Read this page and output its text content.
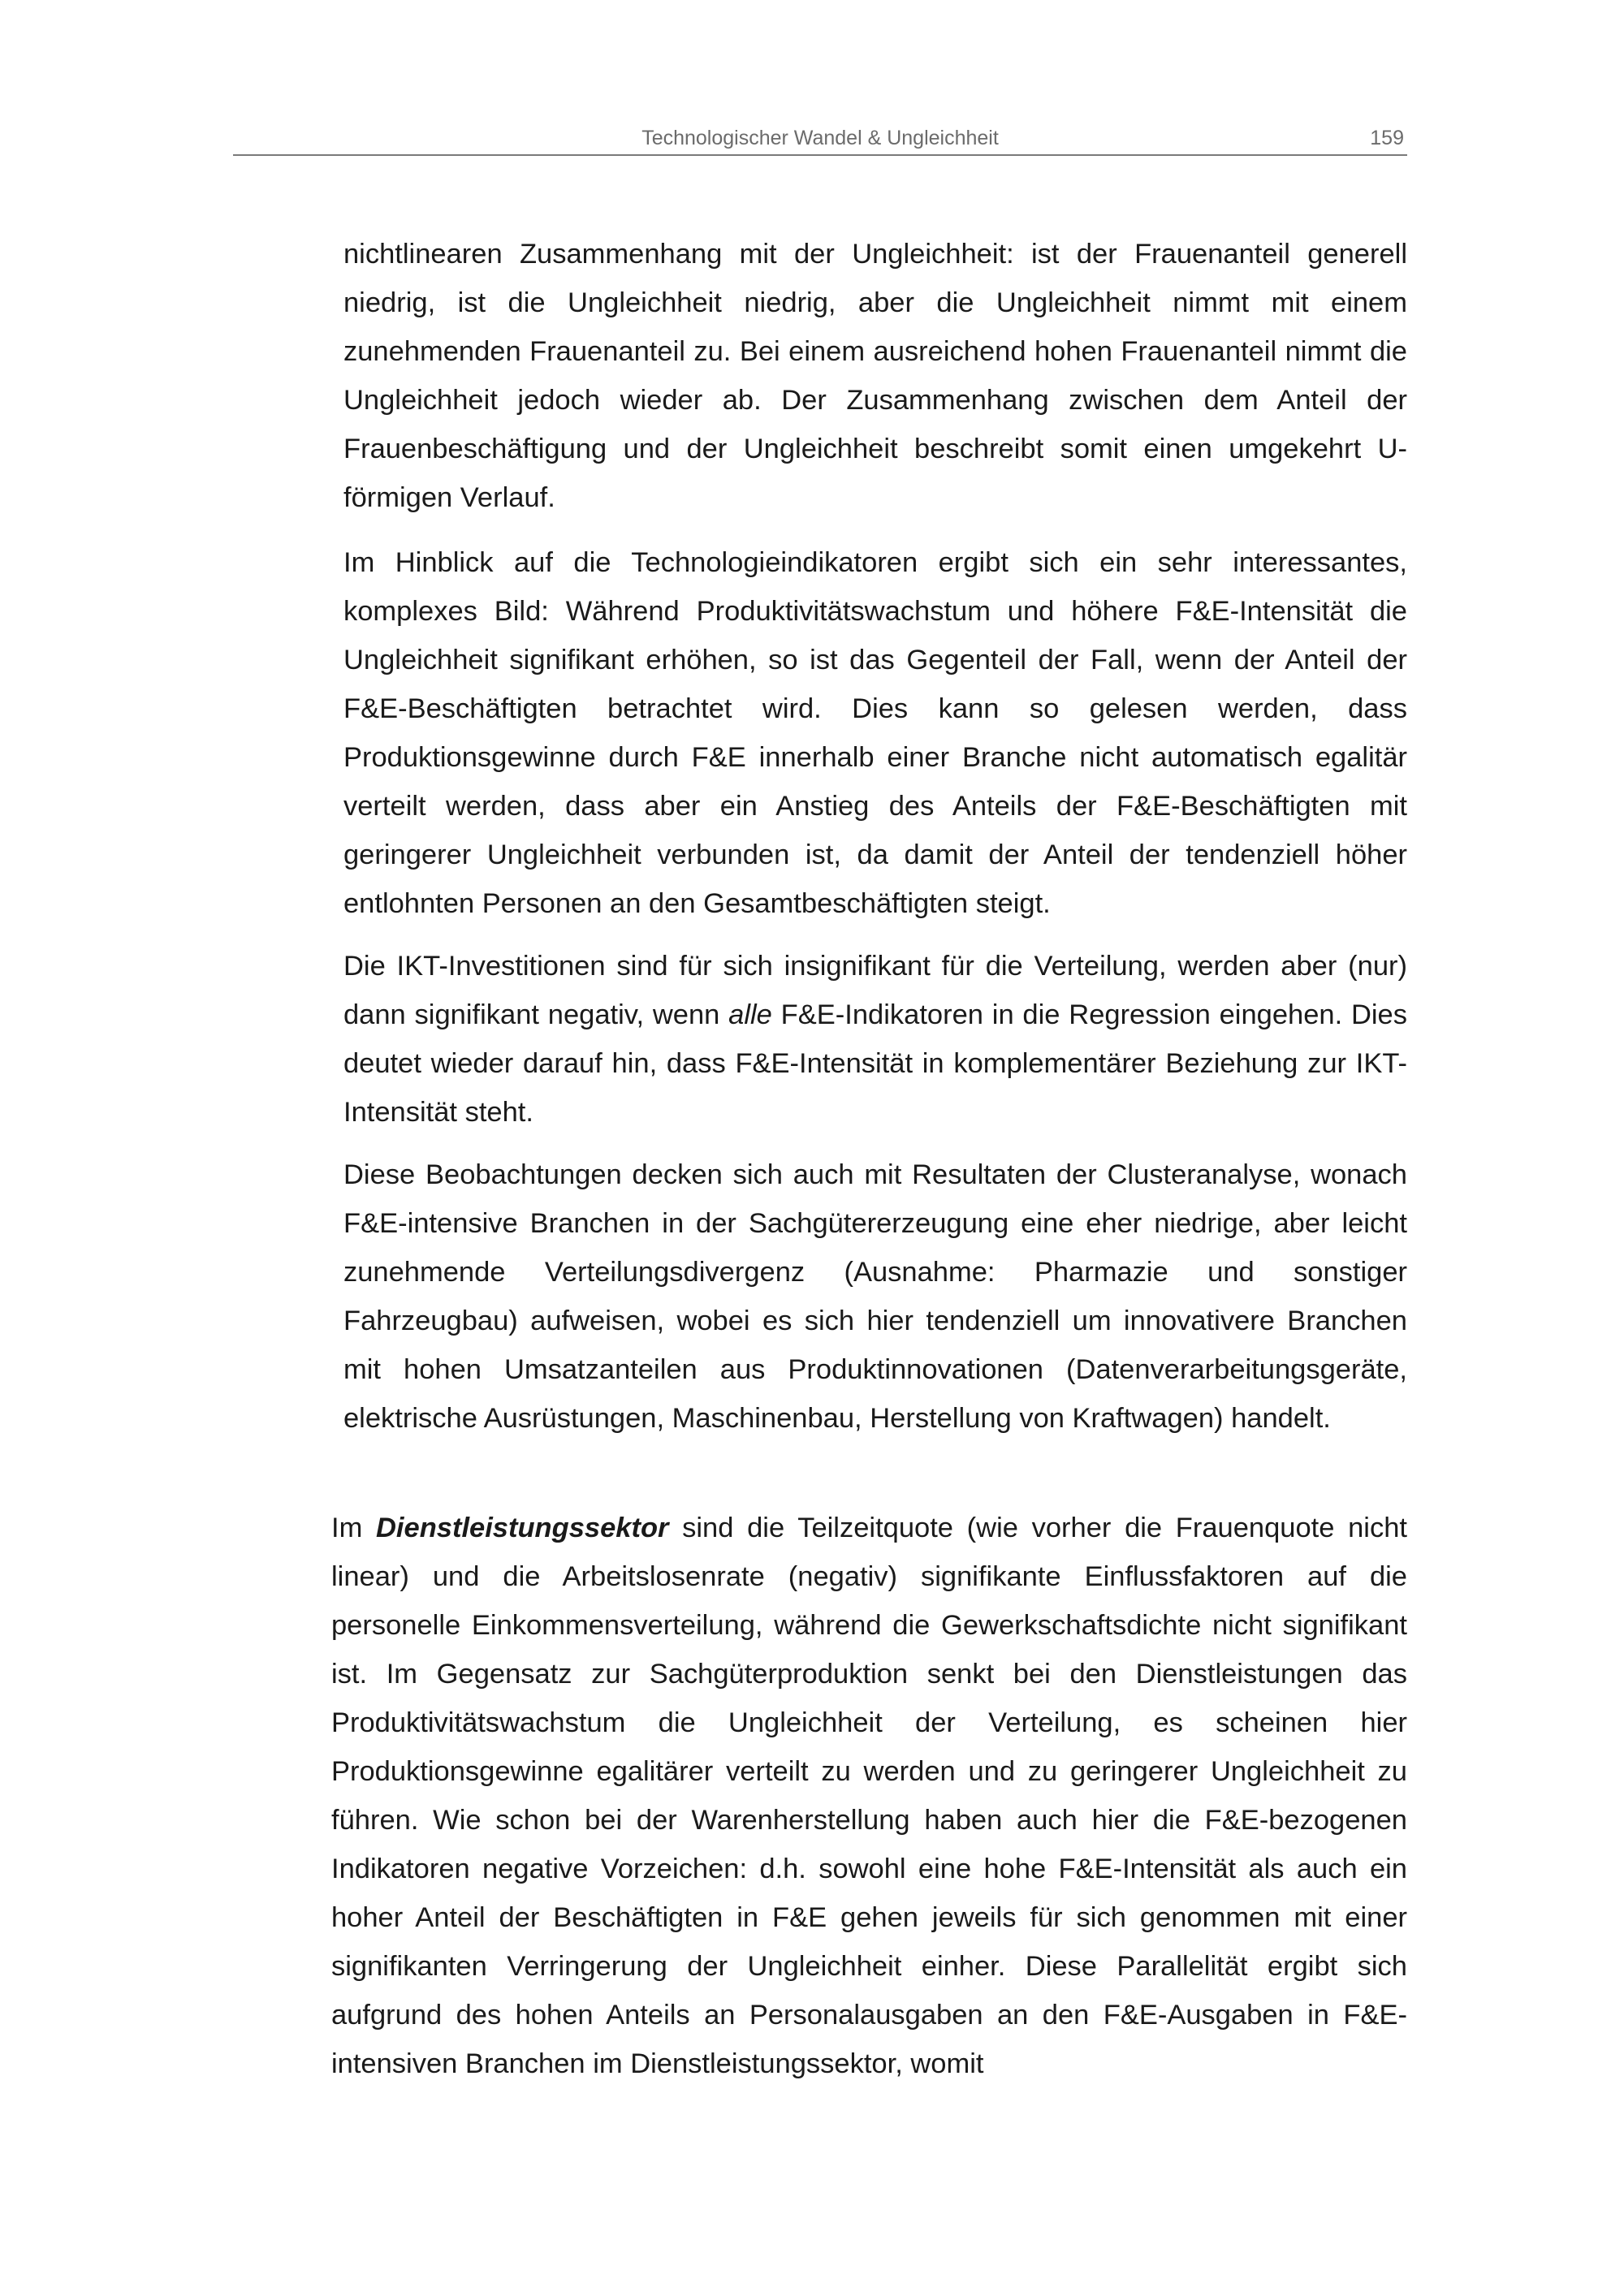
Technologischer Wandel & Ungleichheit	159

nichtlinearen Zusammenhang mit der Ungleichheit: ist der Frauenanteil generell niedrig, ist die Ungleichheit niedrig, aber die Ungleichheit nimmt mit einem zunehmenden Frauenanteil zu. Bei einem ausreichend hohen Frauenanteil nimmt die Ungleichheit jedoch wieder ab. Der Zusammenhang zwischen dem Anteil der Frauenbeschäftigung und der Ungleichheit beschreibt somit einen umgekehrt U-förmigen Verlauf.

Im Hinblick auf die Technologieindikatoren ergibt sich ein sehr interessantes, komplexes Bild: Während Produktivitätswachstum und höhere F&E-Intensität die Ungleichheit signifikant erhöhen, so ist das Gegenteil der Fall, wenn der Anteil der F&E-Beschäftigten betrachtet wird. Dies kann so gelesen werden, dass Produktionsgewinne durch F&E innerhalb einer Branche nicht automatisch egalitär verteilt werden, dass aber ein Anstieg des Anteils der F&E-Beschäftigten mit geringerer Ungleichheit verbunden ist, da damit der Anteil der tendenziell höher entlohnten Personen an den Gesamtbeschäftigten steigt.

Die IKT-Investitionen sind für sich insignifikant für die Verteilung, werden aber (nur) dann signifikant negativ, wenn alle F&E-Indikatoren in die Regression eingehen. Dies deutet wieder darauf hin, dass F&E-Intensität in komplementärer Beziehung zur IKT-Intensität steht.

Diese Beobachtungen decken sich auch mit Resultaten der Clusteranalyse, wonach F&E-intensive Branchen in der Sachgütererzeugung eine eher niedrige, aber leicht zunehmende Verteilungsdivergenz (Ausnahme: Pharmazie und sonstiger Fahrzeugbau) aufweisen, wobei es sich hier tendenziell um innovativere Branchen mit hohen Umsatzanteilen aus Produktinnovationen (Datenverarbeitungsgeräte, elektrische Ausrüstungen, Maschinenbau, Herstellung von Kraftwagen) handelt.

Im Dienstleistungssektor sind die Teilzeitquote (wie vorher die Frauenquote nicht linear) und die Arbeitslosenrate (negativ) signifikante Einflussfaktoren auf die personelle Einkommensverteilung, während die Gewerkschaftsdichte nicht signifikant ist. Im Gegensatz zur Sachgüterproduktion senkt bei den Dienstleistungen das Produktivitätswachstum die Ungleichheit der Verteilung, es scheinen hier Produktionsgewinne egalitärer verteilt zu werden und zu geringerer Ungleichheit zu führen. Wie schon bei der Warenherstellung haben auch hier die F&E-bezogenen Indikatoren negative Vorzeichen: d.h. sowohl eine hohe F&E-Intensität als auch ein hoher Anteil der Beschäftigten in F&E gehen jeweils für sich genommen mit einer signifikanten Verringerung der Ungleichheit einher. Diese Parallelität ergibt sich aufgrund des hohen Anteils an Personalausgaben an den F&E-Ausgaben in F&E-intensiven Branchen im Dienstleistungssektor, womit
